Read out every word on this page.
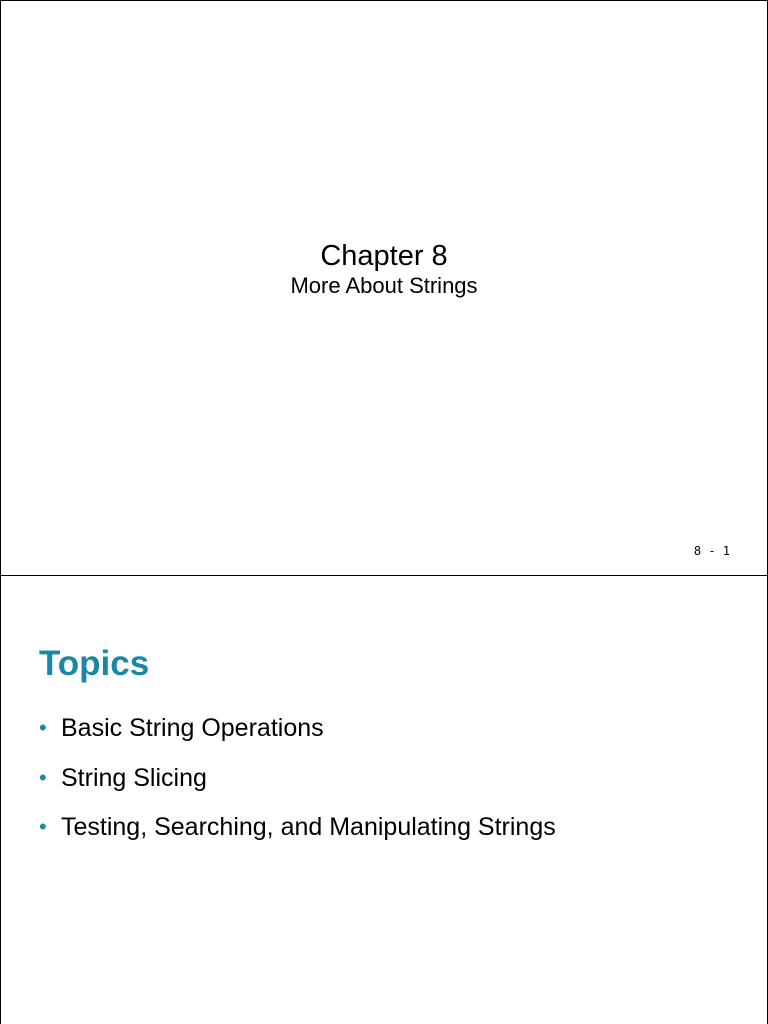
Chapter 8
More About Strings
8 - 1
Topics
• Basic String Operations
• String Slicing
• Testing, Searching, and Manipulating Strings
